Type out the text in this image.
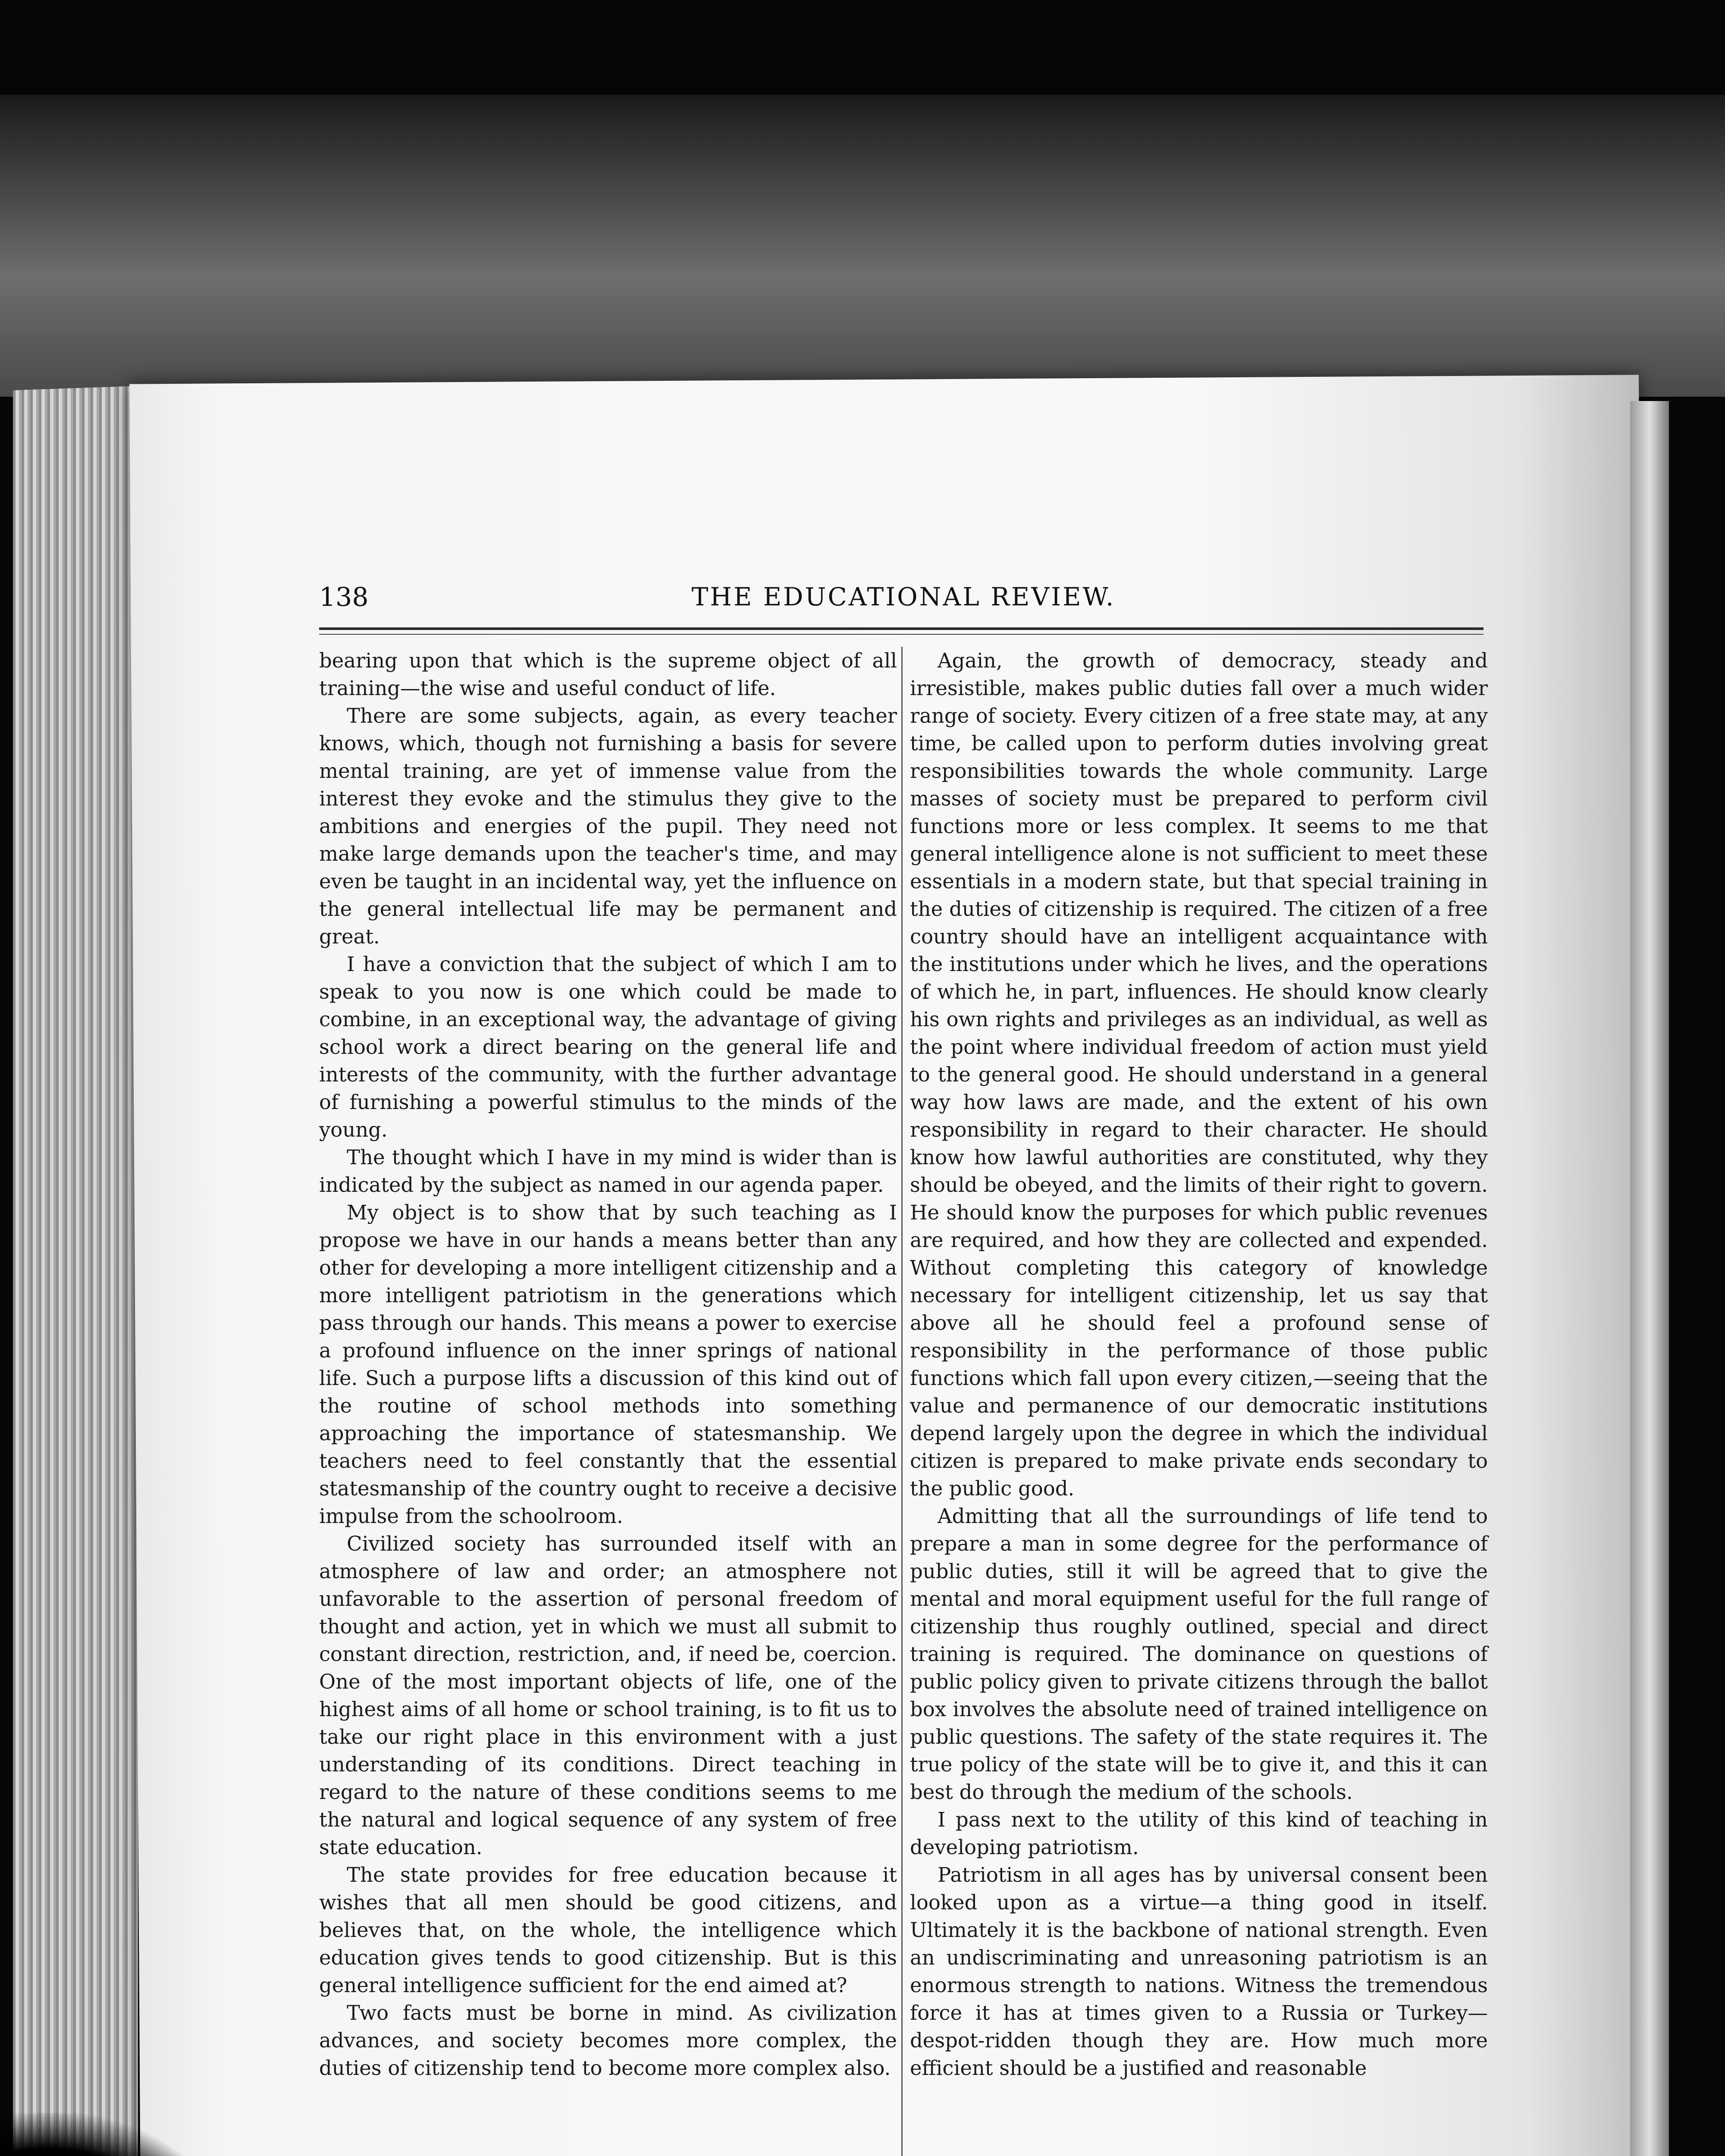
138	THE EDUCATIONAL REVIEW.

bearing upon that which is the supreme object of all training—the wise and useful conduct of life.

There are some subjects, again, as every teacher knows, which, though not furnishing a basis for severe mental training, are yet of immense value from the interest they evoke and the stimulus they give to the ambitions and energies of the pupil. They need not make large demands upon the teacher's time, and may even be taught in an incidental way, yet the influence on the general intellectual life may be permanent and great.

I have a conviction that the subject of which I am to speak to you now is one which could be made to combine, in an exceptional way, the advantage of giving school work a direct bearing on the general life and interests of the community, with the further advantage of furnishing a powerful stimulus to the minds of the young.

The thought which I have in my mind is wider than is indicated by the subject as named in our agenda paper.

My object is to show that by such teaching as I propose we have in our hands a means better than any other for developing a more intelligent citizenship and a more intelligent patriotism in the generations which pass through our hands. This means a power to exercise a profound influence on the inner springs of national life. Such a purpose lifts a discussion of this kind out of the routine of school methods into something approaching the importance of statesmanship. We teachers need to feel constantly that the essential statesmanship of the country ought to receive a decisive impulse from the schoolroom.

Civilized society has surrounded itself with an atmosphere of law and order; an atmosphere not unfavorable to the assertion of personal freedom of thought and action, yet in which we must all submit to constant direction, restriction, and, if need be, coercion. One of the most important objects of life, one of the highest aims of all home or school training, is to fit us to take our right place in this environment with a just understanding of its conditions. Direct teaching in regard to the nature of these conditions seems to me the natural and logical sequence of any system of free state education.

The state provides for free education because it wishes that all men should be good citizens, and believes that, on the whole, the intelligence which education gives tends to good citizenship. But is this general intelligence sufficient for the end aimed at?

Two facts must be borne in mind. As civilization advances, and society becomes more complex, the duties of citizenship tend to become more complex also.

Again, the growth of democracy, steady and irresistible, makes public duties fall over a much wider range of society. Every citizen of a free state may, at any time, be called upon to perform duties involving great responsibilities towards the whole community. Large masses of society must be prepared to perform civil functions more or less complex. It seems to me that general intelligence alone is not sufficient to meet these essentials in a modern state, but that special training in the duties of citizenship is required. The citizen of a free country should have an intelligent acquaintance with the institutions under which he lives, and the operations of which he, in part, influences. He should know clearly his own rights and privileges as an individual, as well as the point where individual freedom of action must yield to the general good. He should understand in a general way how laws are made, and the extent of his own responsibility in regard to their character. He should know how lawful authorities are constituted, why they should be obeyed, and the limits of their right to govern. He should know the purposes for which public revenues are required, and how they are collected and expended. Without completing this category of knowledge necessary for intelligent citizenship, let us say that above all he should feel a profound sense of responsibility in the performance of those public functions which fall upon every citizen,—seeing that the value and permanence of our democratic institutions depend largely upon the degree in which the individual citizen is prepared to make private ends secondary to the public good.

Admitting that all the surroundings of life tend to prepare a man in some degree for the performance of public duties, still it will be agreed that to give the mental and moral equipment useful for the full range of citizenship thus roughly outlined, special and direct training is required. The dominance on questions of public policy given to private citizens through the ballot box involves the absolute need of trained intelligence on public questions. The safety of the state requires it. The true policy of the state will be to give it, and this it can best do through the medium of the schools.

I pass next to the utility of this kind of teaching in developing patriotism.

Patriotism in all ages has by universal consent been looked upon as a virtue—a thing good in itself. Ultimately it is the backbone of national strength. Even an undiscriminating and unreasoning patriotism is an enormous strength to nations. Witness the tremendous force it has at times given to a Russia or Turkey—despot-ridden though they are. How much more efficient should be a justified and reasonable
